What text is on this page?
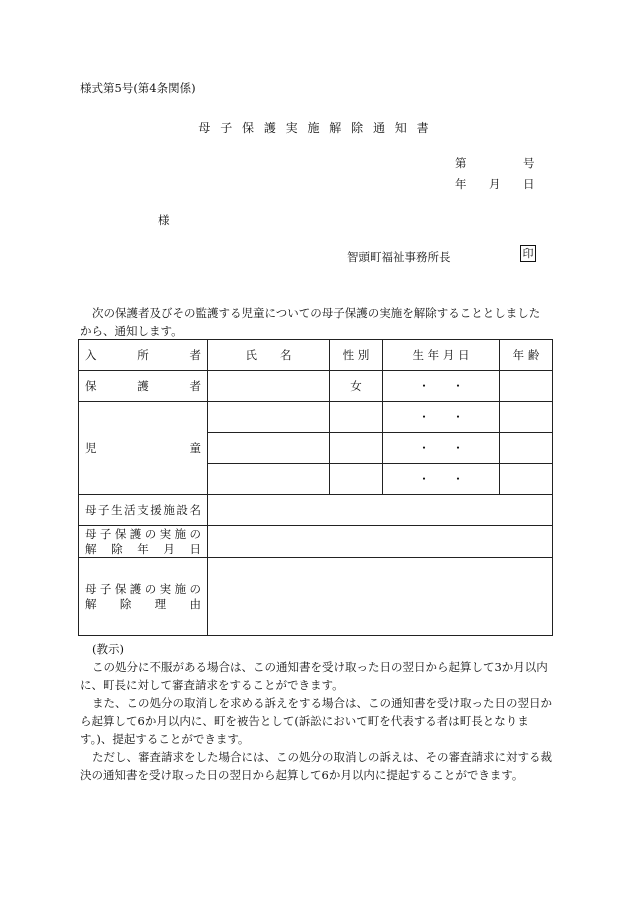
様式第5号(第4条関係)
母 子 保 護 実 施 解 除 通 知 書
第	号
年 月 日
様
智頭町福祉事務所長	印
次の保護者及びその監護する児童についての母子保護の実施を解除することとしましたから、通知します。
入 所 者	氏　　名	性 別	生 年 月 日	年 齢

保 護 者		女	・ ・	

児 童			・ ・	
			・ ・	
			・ ・	

母子生活支援施設名				

母子保護の実施の
解除年月日				

母子保護の実施の
解除理由				

(教示)

この処分に不服がある場合は、この通知書を受け取った日の翌日から起算して3か月以内に、町長に対して審査請求をすることができます。

また、この処分の取消しを求める訴えをする場合は、この通知書を受け取った日の翌日から起算して6か月以内に、町を被告として(訴訟において町を代表する者は町長となります。)、提起することができます。

ただし、審査請求をした場合には、この処分の取消しの訴えは、その審査請求に対する裁決の通知書を受け取った日の翌日から起算して6か月以内に提起することができます。
